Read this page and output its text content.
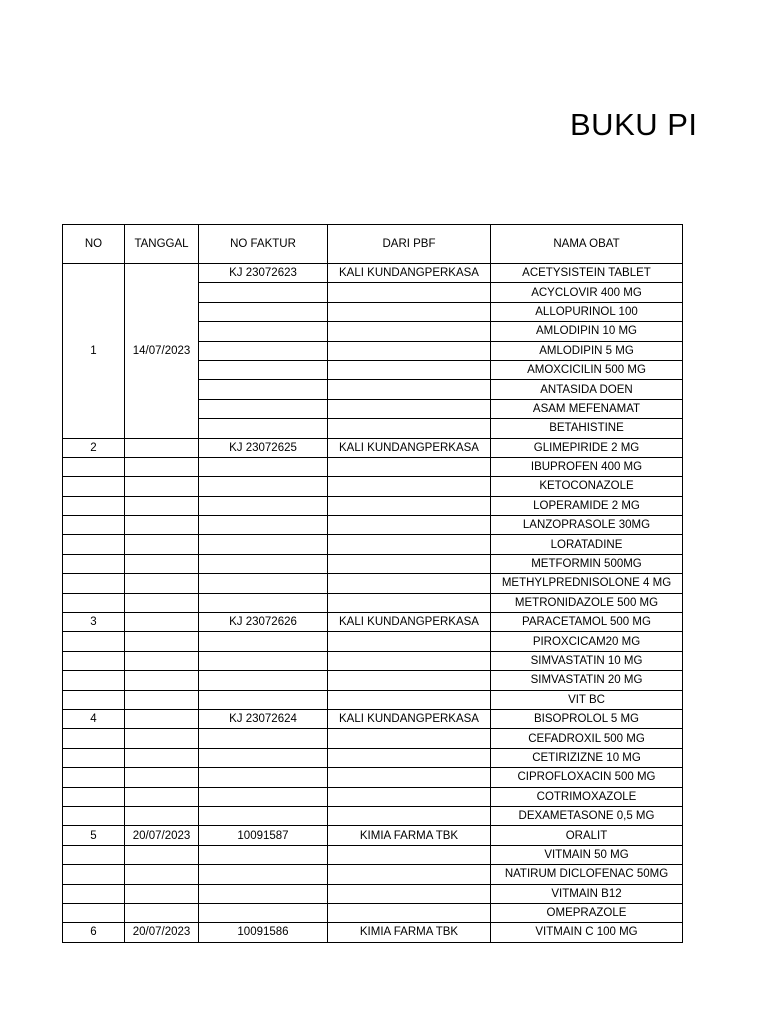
BUKU PI
NO	TANGGAL	NO FAKTUR	DARI PBF	NAMA OBAT
1	14/07/2023	KJ 23072623	KALI KUNDANGPERKASA	ACETYSISTEIN TABLET
				ACYCLOVIR 400 MG
				ALLOPURINOL 100
				AMLODIPIN 10 MG
				AMLODIPIN 5 MG
				AMOXCICILIN 500 MG
				ANTASIDA DOEN
				ASAM MEFENAMAT
				BETAHISTINE
2		KJ 23072625	KALI KUNDANGPERKASA	GLIMEPIRIDE 2 MG
				IBUPROFEN 400 MG
				KETOCONAZOLE
				LOPERAMIDE 2 MG
				LANZOPRASOLE 30MG
				LORATADINE
				METFORMIN 500MG
				METHYLPREDNISOLONE 4 MG
				METRONIDAZOLE 500 MG
3		KJ 23072626	KALI KUNDANGPERKASA	PARACETAMOL 500 MG
				PIROXCICAM20 MG
				SIMVASTATIN 10 MG
				SIMVASTATIN 20 MG
				VIT BC
4		KJ 23072624	KALI KUNDANGPERKASA	BISOPROLOL 5 MG
				CEFADROXIL 500 MG
				CETIRIZIZNE 10 MG
				CIPROFLOXACIN 500 MG
				COTRIMOXAZOLE
				DEXAMETASONE 0,5 MG
5	20/07/2023	10091587	KIMIA FARMA TBK	ORALIT
				VITMAIN 50 MG
				NATIRUM DICLOFENAC 50MG
				VITMAIN B12
				OMEPRAZOLE
6	20/07/2023	10091586	KIMIA FARMA TBK	VITMAIN C 100 MG
